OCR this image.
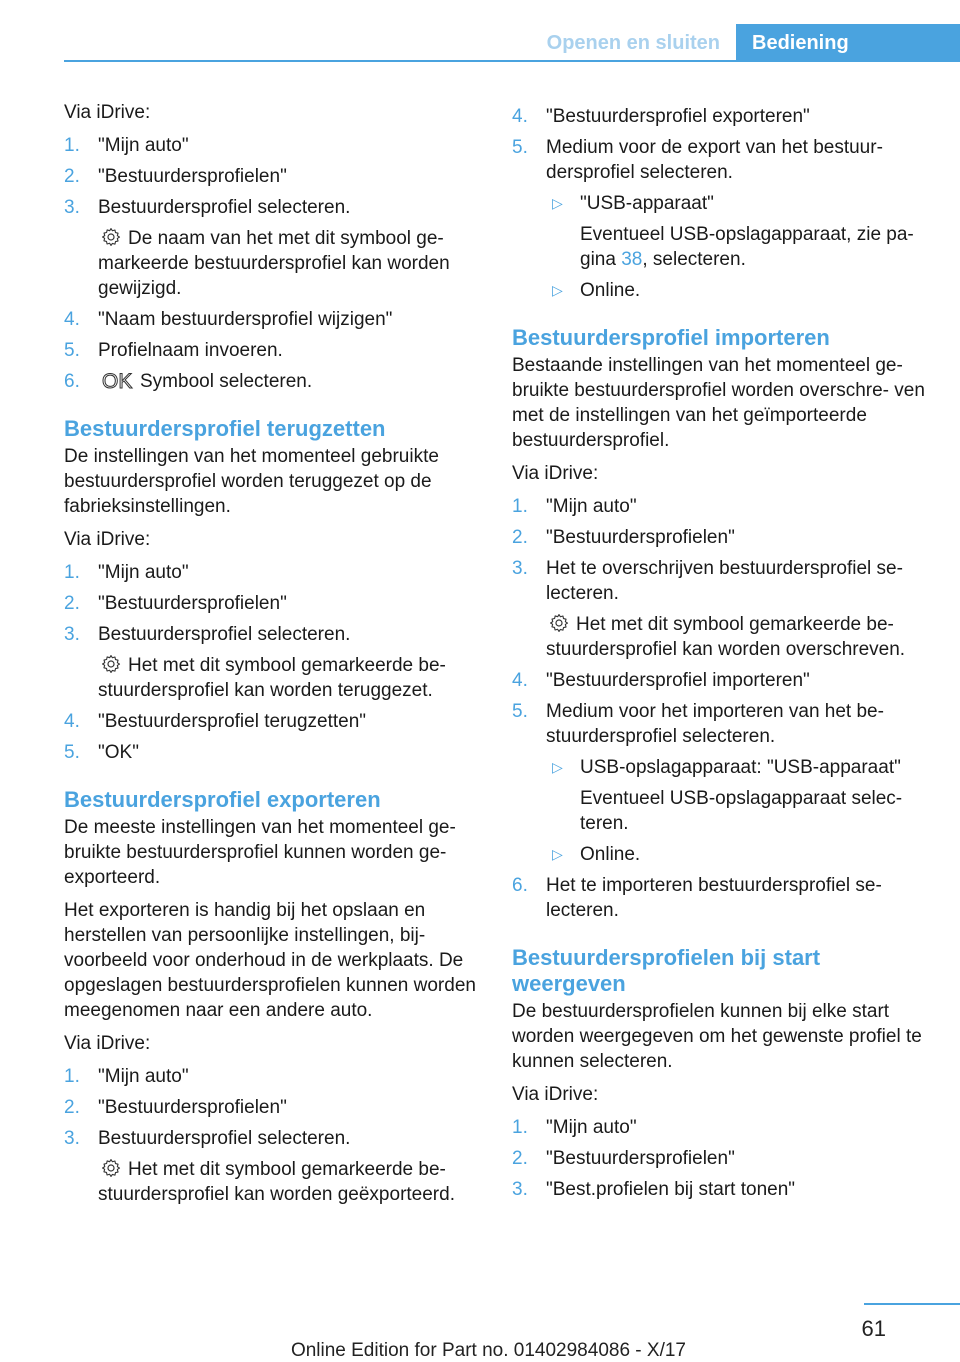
Openen en sluiten	Bediening
Via iDrive:
1. "Mijn auto"
2. "Bestuurdersprofielen"
3. Bestuurdersprofiel selecteren.
De naam van het met dit symbool ge- markeerde bestuurdersprofiel kan worden gewijzigd.
4. "Naam bestuurdersprofiel wijzigen"
5. Profielnaam invoeren.
6. OK Symbool selecteren.
Bestuurdersprofiel terugzetten
De instellingen van het momenteel gebruikte bestuurdersprofiel worden teruggezet op de fabrieksinstellingen.
Via iDrive:
1. "Mijn auto"
2. "Bestuurdersprofielen"
3. Bestuurdersprofiel selecteren.
Het met dit symbool gemarkeerde be- stuurdersprofiel kan worden teruggezet.
4. "Bestuurdersprofiel terugzetten"
5. "OK"
Bestuurdersprofiel exporteren
De meeste instellingen van het momenteel ge- bruikte bestuurdersprofiel kunnen worden ge- exporteerd.
Het exporteren is handig bij het opslaan en herstellen van persoonlijke instellingen, bij- voorbeeld voor onderhoud in de werkplaats. De opgeslagen bestuurdersprofielen kunnen worden meegenomen naar een andere auto.
Via iDrive:
1. "Mijn auto"
2. "Bestuurdersprofielen"
3. Bestuurdersprofiel selecteren.
Het met dit symbool gemarkeerde be- stuurdersprofiel kan worden geëxporteerd.
4. "Bestuurdersprofiel exporteren"
5. Medium voor de export van het bestuur- dersprofiel selecteren.
▷ "USB-apparaat"
Eventueel USB-opslagapparaat, zie pa- gina 38, selecteren.
▷ Online.
Bestuurdersprofiel importeren
Bestaande instellingen van het momenteel ge- bruikte bestuurdersprofiel worden overschre- ven met de instellingen van het geïmporteerde bestuurdersprofiel.
Via iDrive:
1. "Mijn auto"
2. "Bestuurdersprofielen"
3. Het te overschrijven bestuurdersprofiel se- lecteren.
Het met dit symbool gemarkeerde be- stuurdersprofiel kan worden overschreven.
4. "Bestuurdersprofiel importeren"
5. Medium voor het importeren van het be- stuurdersprofiel selecteren.
▷ USB-opslagapparaat: "USB-apparaat"
Eventueel USB-opslagapparaat selec- teren.
▷ Online.
6. Het te importeren bestuurdersprofiel se- lecteren.
Bestuurdersprofielen bij start weergeven
De bestuurdersprofielen kunnen bij elke start worden weergegeven om het gewenste profiel te kunnen selecteren.
Via iDrive:
1. "Mijn auto"
2. "Bestuurdersprofielen"
3. "Best.profielen bij start tonen"
61
Online Edition for Part no. 01402984086 - X/17
